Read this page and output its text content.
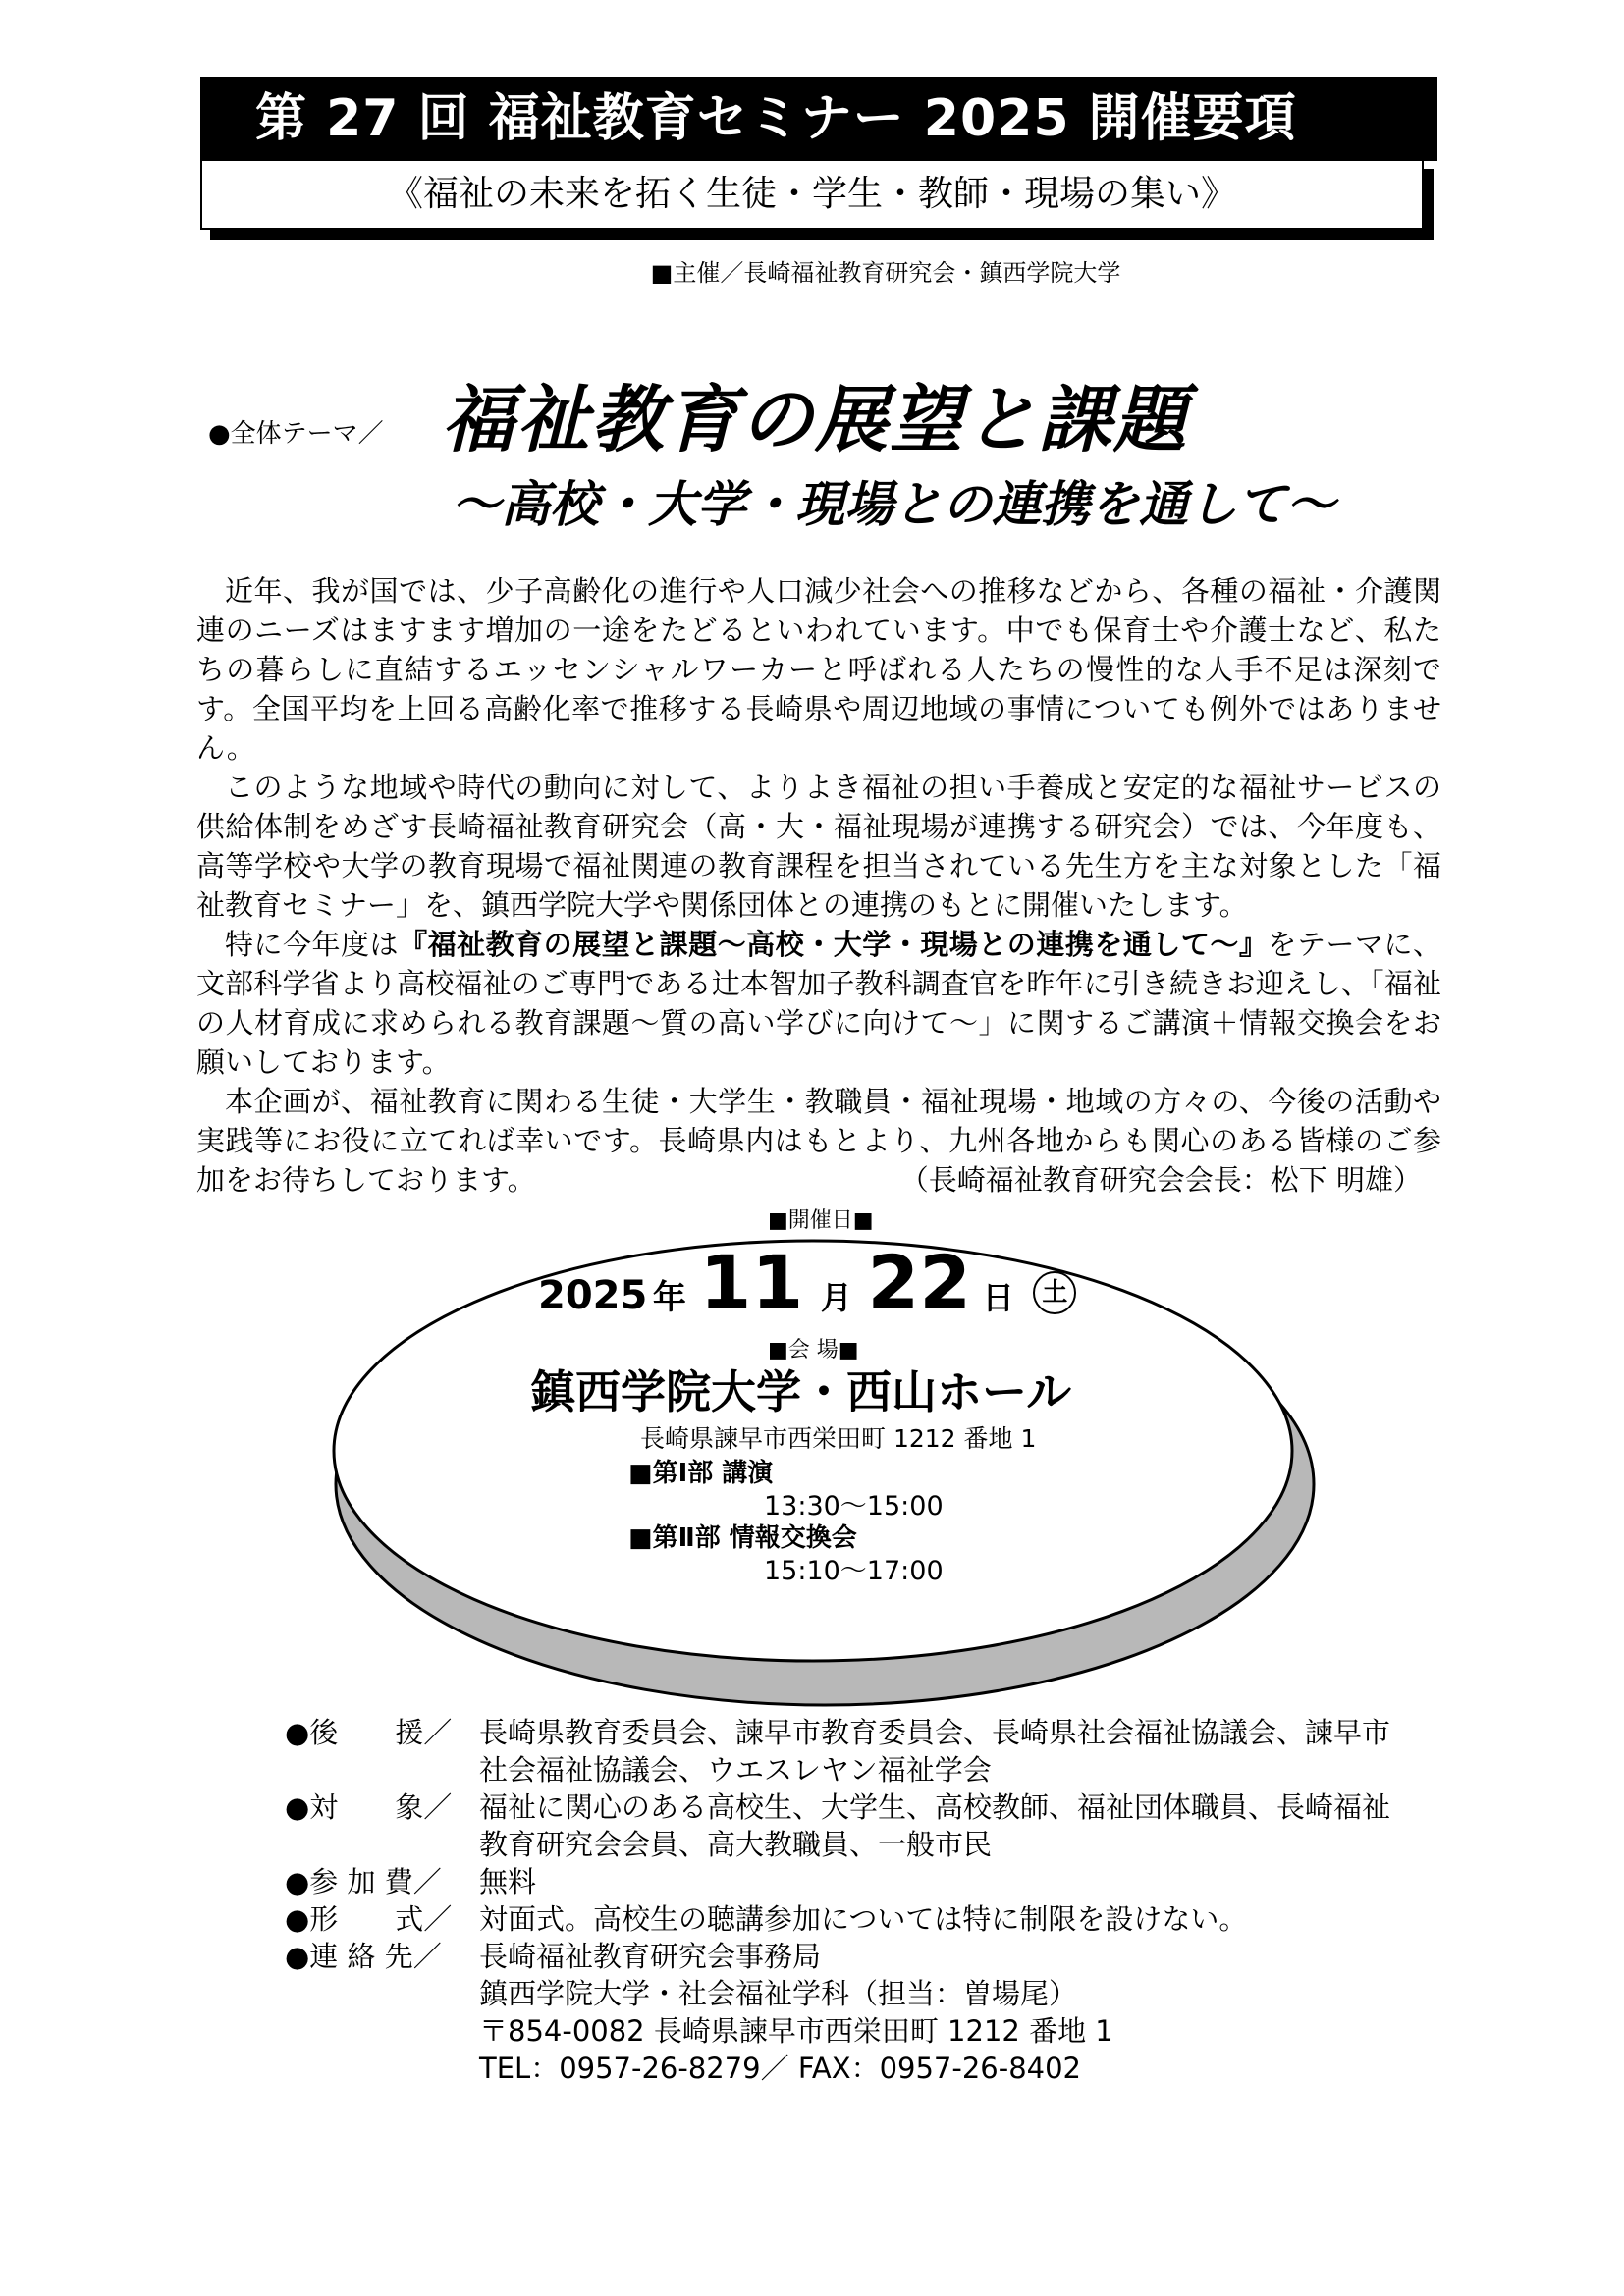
第 27 回 福祉教育セミナー 2025 開催要項
《福祉の未来を拓く生徒・学生・教師・現場の集い》
■主催／長崎福祉教育研究会・鎮西学院大学
●全体テーマ／ 福祉教育の展望と課題
～高校・大学・現場との連携を通して～

近年、我が国では、少子高齢化の進行や人口減少社会への推移などから、各種の福祉・介護関連のニーズはますます増加の一途をたどるといわれています。中でも保育士や介護士など、私たちの暮らしに直結するエッセンシャルワーカーと呼ばれる人たちの慢性的な人手不足は深刻です。全国平均を上回る高齢化率で推移する長崎県や周辺地域の事情についても例外ではありません。

このような地域や時代の動向に対して、よりよき福祉の担い手養成と安定的な福祉サービスの供給体制をめざす長崎福祉教育研究会（高・大・福祉現場が連携する研究会）では、今年度も、高等学校や大学の教育現場で福祉関連の教育課程を担当されている先生方を主な対象とした「福祉教育セミナー」を、鎮西学院大学や関係団体との連携のもとに開催いたします。

特に今年度は『福祉教育の展望と課題～高校・大学・現場との連携を通して～』をテーマに、文部科学省より高校福祉のご専門である辻本智加子教科調査官を昨年に引き続きお迎えし、「福祉の人材育成に求められる教育課題～質の高い学びに向けて～」に関するご講演＋情報交換会をお願いしております。

本企画が、福祉教育に関わる生徒・大学生・教職員・福祉現場・地域の方々の、今後の活動や実践等にお役に立てれば幸いです。長崎県内はもとより、九州各地からも関心のある皆様のご参加をお待ちしております。	（長崎福祉教育研究会会長：松下 明雄）
■開催日■
2025 年 11 月 22 日 土
■会 場■
鎮西学院大学・西山ホール
長崎県諫早市西栄田町 1212 番地 1
■第Ⅰ部 講演
13:30～15:00
■第Ⅱ部 情報交換会
15:10～17:00
●後　　援／ 長崎県教育委員会、諫早市教育委員会、長崎県社会福祉協議会、諫早市
社会福祉協議会、ウエスレヤン福祉学会
●対　　象／ 福祉に関心のある高校生、大学生、高校教師、福祉団体職員、長崎福祉
教育研究会会員、高大教職員、一般市民
●参 加 費／	無料
●形　　式／ 対面式。高校生の聴講参加については特に制限を設けない。
●連 絡 先／	長崎福祉教育研究会事務局
鎮西学院大学・社会福祉学科（担当：曽場尾）
〒854-0082 長崎県諫早市西栄田町 1212 番地 1
TEL：0957-26-8279／ FAX：0957-26-8402
